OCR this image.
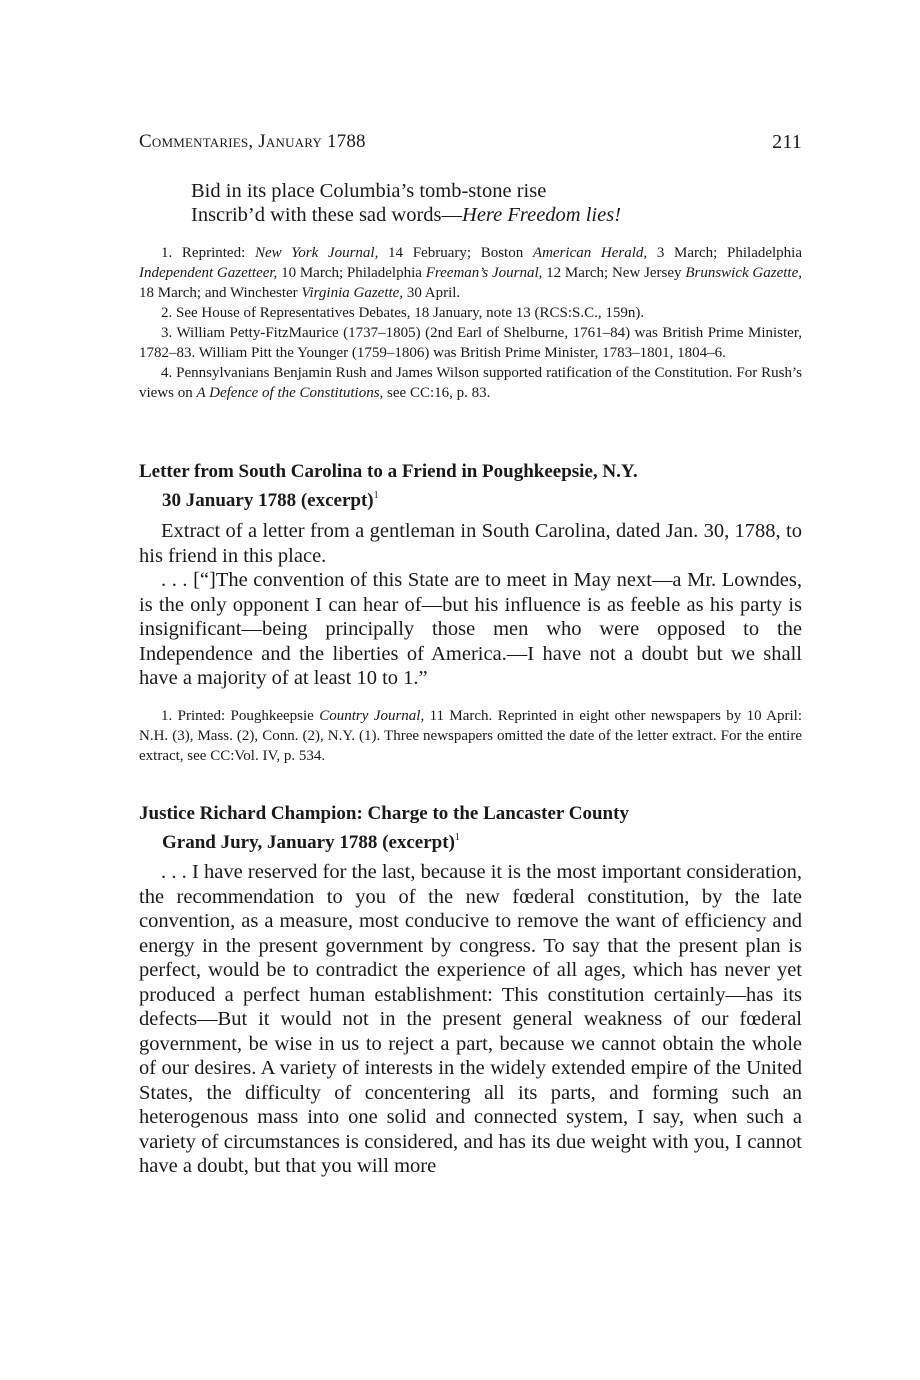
Commentaries, January 1788	211
Bid in its place Columbia’s tomb-stone rise
Inscrib’d with these sad words—Here Freedom lies!

1. Reprinted: New York Journal, 14 February; Boston American Herald, 3 March; Philadelphia Independent Gazetteer, 10 March; Philadelphia Freeman’s Journal, 12 March; New Jersey Brunswick Gazette, 18 March; and Winchester Virginia Gazette, 30 April.

2. See House of Representatives Debates, 18 January, note 13 (RCS:S.C., 159n).

3. William Petty-FitzMaurice (1737–1805) (2nd Earl of Shelburne, 1761–84) was British Prime Minister, 1782–83. William Pitt the Younger (1759–1806) was British Prime Minister, 1783–1801, 1804–6.

4. Pennsylvanians Benjamin Rush and James Wilson supported ratification of the Constitution. For Rush’s views on A Defence of the Constitutions, see CC:16, p. 83.

Letter from South Carolina to a Friend in Poughkeepsie, N.Y.
30 January 1788 (excerpt)$^1$

Extract of a letter from a gentleman in South Carolina, dated Jan. 30, 1788, to his friend in this place.

. . . [“]The convention of this State are to meet in May next—a Mr. Lowndes, is the only opponent I can hear of—but his influence is as feeble as his party is insignificant—being principally those men who were opposed to the Independence and the liberties of America.—I have not a doubt but we shall have a majority of at least 10 to 1.”

1. Printed: Poughkeepsie Country Journal, 11 March. Reprinted in eight other newspapers by 10 April: N.H. (3), Mass. (2), Conn. (2), N.Y. (1). Three newspapers omitted the date of the letter extract. For the entire extract, see CC:Vol. IV, p. 534.

Justice Richard Champion: Charge to the Lancaster County
Grand Jury, January 1788 (excerpt)$^1$

. . . I have reserved for the last, because it is the most important consideration, the recommendation to you of the new fœderal constitution, by the late convention, as a measure, most conducive to remove the want of efficiency and energy in the present government by congress. To say that the present plan is perfect, would be to contradict the experience of all ages, which has never yet produced a perfect human establishment: This constitution certainly—has its defects—But it would not in the present general weakness of our fœderal government, be wise in us to reject a part, because we cannot obtain the whole of our desires. A variety of interests in the widely extended empire of the United States, the difficulty of concentering all its parts, and forming such an heterogenous mass into one solid and connected system, I say, when such a variety of circumstances is considered, and has its due weight with you, I cannot have a doubt, but that you will more
